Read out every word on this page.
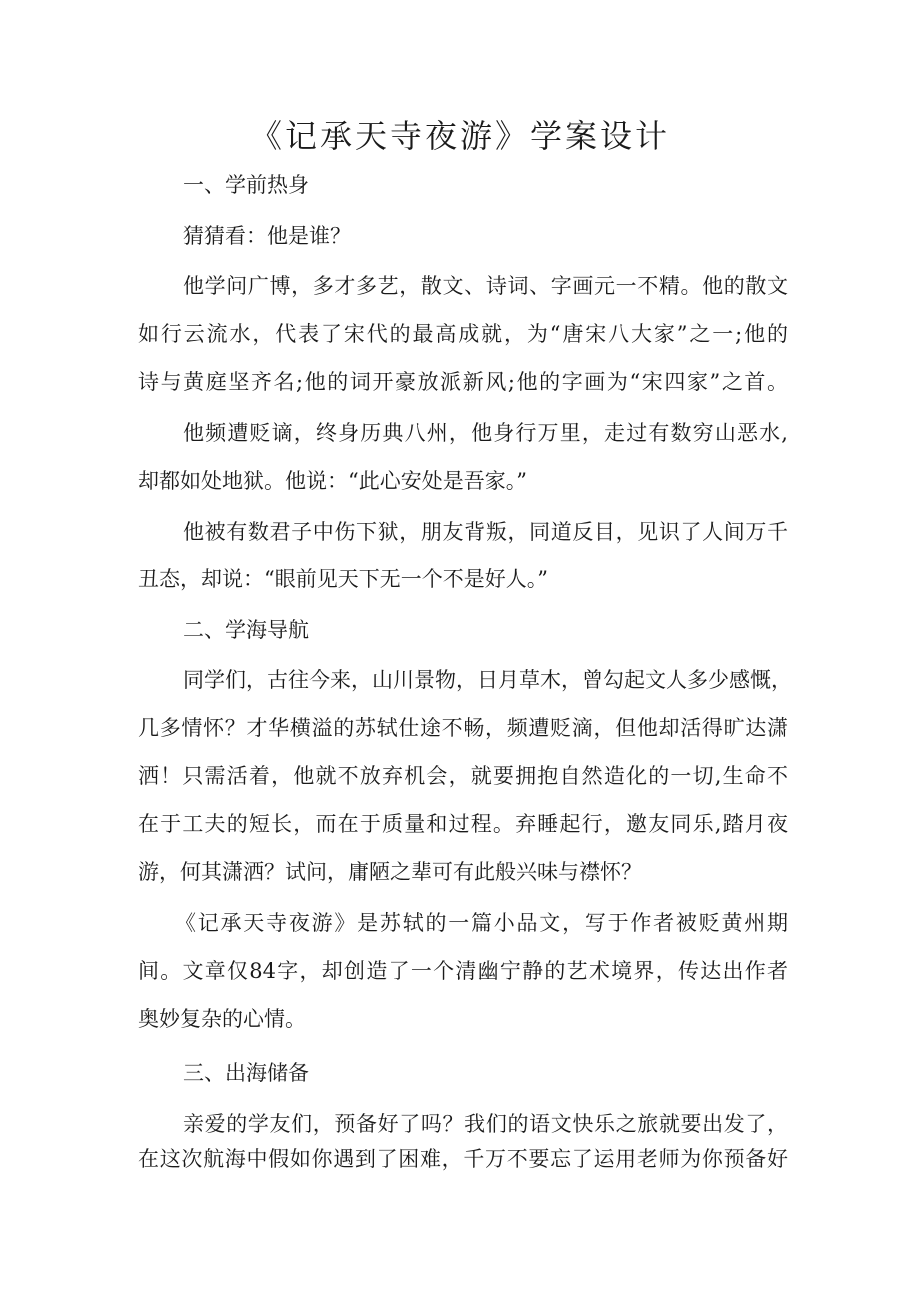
《记承天寺夜游》学案设计

一、学前热身

猜猜看：他是谁？

他学问广博，多才多艺，散文、诗词、字画元一不精。他的散文

如行云流水，代表了宋代的最高成就，为“唐宋八大家”之一;他的

诗与黄庭坚齐名;他的词开豪放派新风;他的字画为“宋四家”之首。

他频遭贬谪，终身历典八州，他身行万里，走过有数穷山恶水,

却都如处地狱。他说：“此心安处是吾家。”

他被有数君子中伤下狱，朋友背叛，同道反目，见识了人间万千

丑态，却说：“眼前见天下无一个不是好人。”

二、学海导航

同学们，古往今来，山川景物，日月草木，曾勾起文人多少感慨，

几多情怀？才华横溢的苏轼仕途不畅，频遭贬滴，但他却活得旷达潇

洒！只需活着，他就不放弃机会，就要拥抱自然造化的一切,生命不

在于工夫的短长，而在于质量和过程。弃睡起行，邀友同乐,踏月夜

游，何其潇洒？试问，庸陋之辈可有此般兴味与襟怀？

《记承天寺夜游》是苏轼的一篇小品文，写于作者被贬黄州期

间。文章仅84字，却创造了一个清幽宁静的艺术境界，传达出作者

奥妙复杂的心情。

三、出海储备

亲爱的学友们，预备好了吗？我们的语文快乐之旅就要出发了，

在这次航海中假如你遇到了困难，千万不要忘了运用老师为你预备好
